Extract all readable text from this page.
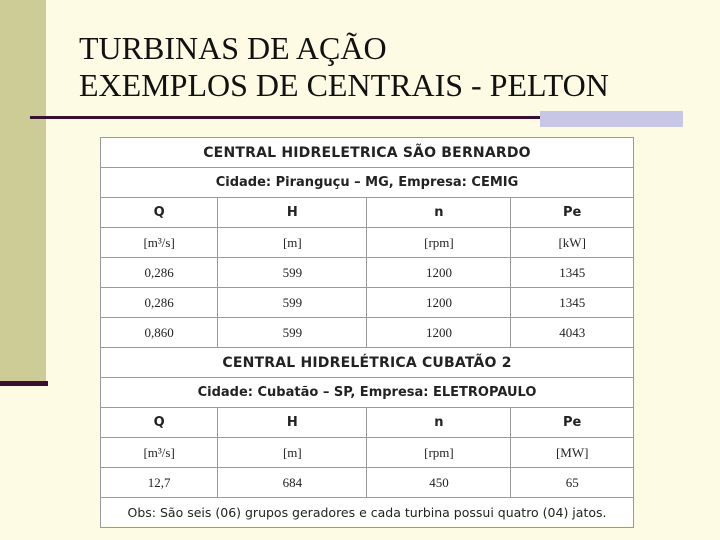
TURBINAS DE AÇÃO
EXEMPLOS DE CENTRAIS - PELTON
CENTRAL HIDRELETRICA SÃO BERNARDO			
Cidade: Piranguçu – MG, Empresa: CEMIG			
Q	H	n	Pe
[m³/s]	[m]	[rpm]	[kW]
0,286	599	1200	1345
0,286	599	1200	1345
0,860	599	1200	4043
CENTRAL HIDRELÉTRICA CUBATÃO 2			
Cidade: Cubatão – SP, Empresa: ELETROPAULO			
Q	H	n	Pe
[m³/s]	[m]	[rpm]	[MW]
12,7	684	450	65
Obs: São seis (06) grupos geradores e cada turbina possui quatro (04) jatos.			
